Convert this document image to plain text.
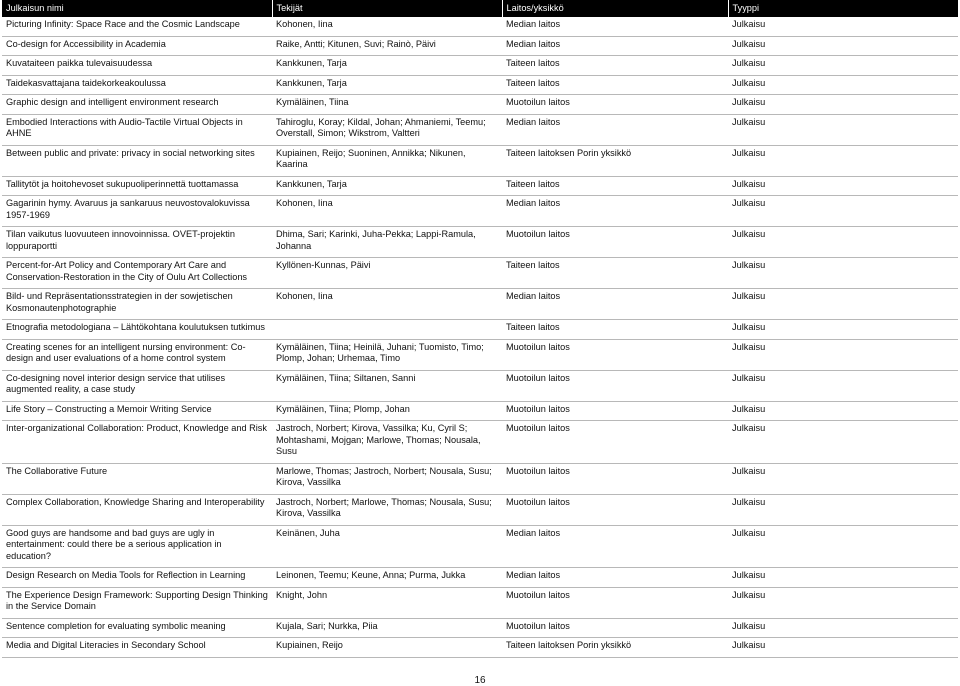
Julkaisun nimi	Tekijät	Laitos/yksikkö	Tyyppi
Picturing Infinity: Space Race and the Cosmic Landscape	Kohonen, Iina	Median laitos	Julkaisu
Co-design for Accessibility in Academia	Raike, Antti; Kitunen, Suvi; Rainò, Päivi	Median laitos	Julkaisu
Kuvataiteen paikka tulevaisuudessa	Kankkunen, Tarja	Taiteen laitos	Julkaisu
Taidekasvattajana taidekorkeakoulussa	Kankkunen, Tarja	Taiteen laitos	Julkaisu
Graphic design and intelligent environment research	Kymäläinen, Tiina	Muotoilun laitos	Julkaisu
Embodied Interactions with Audio-Tactile Virtual Objects in AHNE	Tahiroglu, Koray; Kildal, Johan; Ahmaniemi, Teemu; Overstall, Simon; Wikstrom, Valtteri	Median laitos	Julkaisu
Between public and private: privacy in social networking sites	Kupiainen, Reijo; Suoninen, Annikka; Nikunen, Kaarina	Taiteen laitoksen Porin yksikkö	Julkaisu
Tallitytöt ja hoitohevoset sukupuoliperinnettä tuottamassa	Kankkunen, Tarja	Taiteen laitos	Julkaisu
Gagarinin hymy. Avaruus ja sankaruus neuvostovalokuvissa 1957-1969	Kohonen, Iina	Median laitos	Julkaisu
Tilan vaikutus luovuuteen innovoinnissa. OVET-projektin loppuraportti	Dhima, Sari; Karinki, Juha-Pekka; Lappi-Ramula, Johanna	Muotoilun laitos	Julkaisu
Percent-for-Art Policy and Contemporary Art Care and Conservation-Restoration in the City of Oulu Art Collections	Kyllönen-Kunnas, Päivi	Taiteen laitos	Julkaisu
Bild- und Repräsentationsstrategien in der sowjetischen Kosmonautenphotographie	Kohonen, Iina	Median laitos	Julkaisu
Etnografia metodologiana – Lähtökohtana koulutuksen tutkimus		Taiteen laitos	Julkaisu
Creating scenes for an intelligent nursing environment: Co-design and user evaluations of a home control system	Kymäläinen, Tiina; Heinilä, Juhani; Tuomisto, Timo; Plomp, Johan; Urhemaa, Timo	Muotoilun laitos	Julkaisu
Co-designing novel interior design service that utilises augmented reality, a case study	Kymäläinen, Tiina; Siltanen, Sanni	Muotoilun laitos	Julkaisu
Life Story – Constructing a Memoir Writing Service	Kymäläinen, Tiina; Plomp, Johan	Muotoilun laitos	Julkaisu
Inter-organizational Collaboration: Product, Knowledge and Risk	Jastroch, Norbert; Kirova, Vassilka; Ku, Cyril S; Mohtashami, Mojgan; Marlowe, Thomas; Nousala, Susu	Muotoilun laitos	Julkaisu
The Collaborative Future	Marlowe, Thomas; Jastroch, Norbert; Nousala, Susu; Kirova, Vassilka	Muotoilun laitos	Julkaisu
Complex Collaboration, Knowledge Sharing and Interoperability	Jastroch, Norbert; Marlowe, Thomas; Nousala, Susu; Kirova, Vassilka	Muotoilun laitos	Julkaisu
Good guys are handsome and bad guys are ugly in entertainment: could there be a serious application in education?	Keinänen, Juha	Median laitos	Julkaisu
Design Research on Media Tools for Reflection in Learning	Leinonen, Teemu; Keune, Anna; Purma, Jukka	Median laitos	Julkaisu
The Experience Design Framework: Supporting Design Thinking in the Service Domain	Knight, John	Muotoilun laitos	Julkaisu
Sentence completion for evaluating symbolic meaning	Kujala, Sari; Nurkka, Piia	Muotoilun laitos	Julkaisu
Media and Digital Literacies in Secondary School	Kupiainen, Reijo	Taiteen laitoksen Porin yksikkö	Julkaisu
16
